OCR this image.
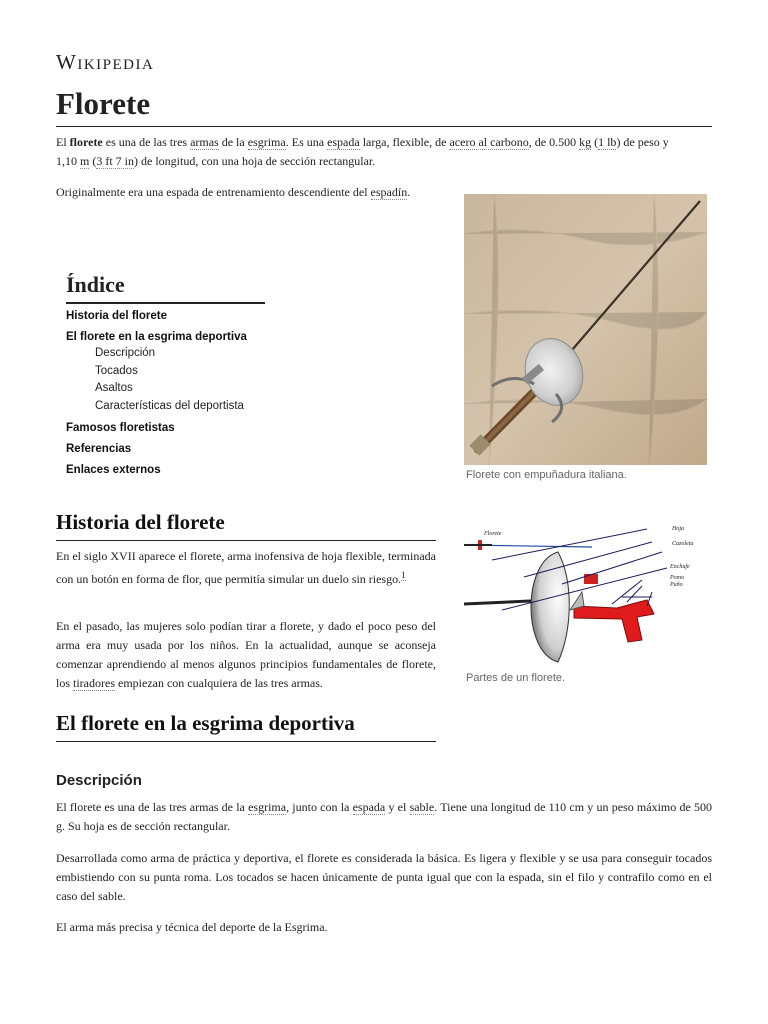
Wikipedia
Florete

El florete es una de las tres armas de la esgrima. Es una espada larga, flexible, de acero al carbono, de 0.500 kg (1 lb) de peso y
1,10 m (3 ft 7 in) de longitud, con una hoja de sección rectangular.

Originalmente era una espada de entrenamiento descendiente del espadín.

Índice
Historia del florete
El florete en la esgrima deportiva
Descripción
Tocados
Asaltos
Características del deportista
Famosos floretistas
Referencias
Enlaces externos	Florete con empuñadura italiana.
Florete
Hoja
Cazoleta
Enchufe
Pomo
Puño
Partes de un florete.
Historia del florete

En el siglo XVII aparece el florete, arma inofensiva de hoja flexible, terminada con un botón en forma de flor, que permitía simular un duelo sin riesgo.$^1$

En el pasado, las mujeres solo podían tirar a florete, y dado el poco peso del arma era muy usada por los niños. En la actualidad, aunque se aconseja comenzar aprendiendo al menos algunos principios fundamentales de florete, los tiradores empiezan con cualquiera de las tres armas.

El florete en la esgrima deportiva
Descripción

El florete es una de las tres armas de la esgrima, junto con la espada y el sable. Tiene una longitud de 110 cm y un peso máximo de 500 g. Su hoja es de sección rectangular.

Desarrollada como arma de práctica y deportiva, el florete es considerada la básica. Es ligera y flexible y se usa para conseguir tocados embistiendo con su punta roma. Los tocados se hacen únicamente de punta igual que con la espada, sin el filo y contrafilo como en el caso del sable.

El arma más precisa y técnica del deporte de la Esgrima.
